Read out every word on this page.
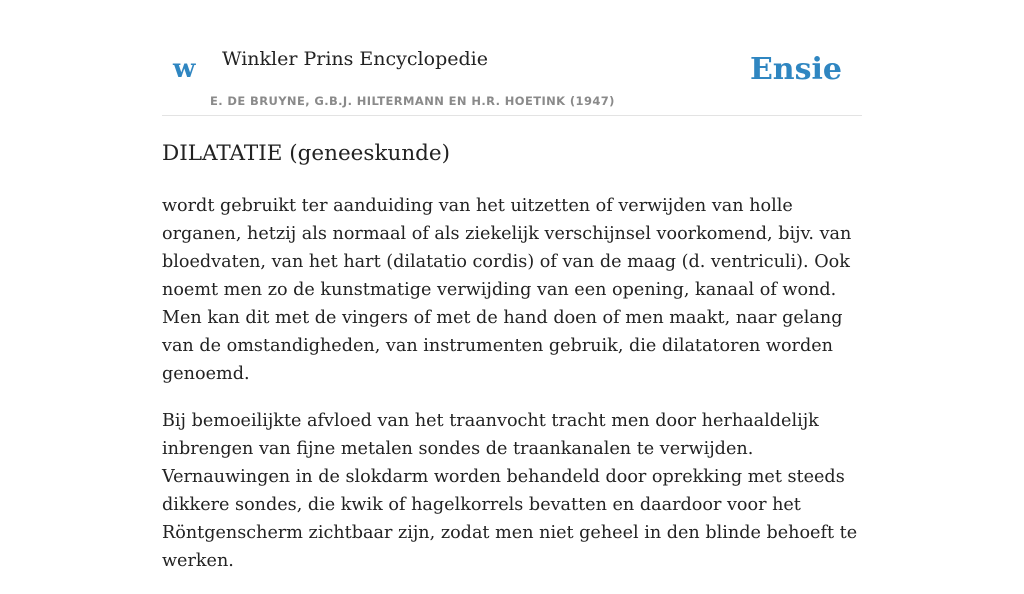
w Winkler Prins Encyclopedie	Ensie
E. DE BRUYNE, G.B.J. HILTERMANN EN H.R. HOETINK (1947)
DILATATIE (geneeskunde)

wordt gebruikt ter aanduiding van het uitzetten of verwijden van holle organen, hetzij als normaal of als ziekelijk verschijnsel voorkomend, bijv. van bloedvaten, van het hart (dilatatio cordis) of van de maag (d. ventriculi). Ook noemt men zo de kunstmatige verwijding van een opening, kanaal of wond. Men kan dit met de vingers of met de hand doen of men maakt, naar gelang van de omstandigheden, van instrumenten gebruik, die dilatatoren worden genoemd.

Bij bemoeilijkte afvloed van het traanvocht tracht men door herhaaldelijk inbrengen van fijne metalen sondes de traankanalen te verwijden. Vernauwingen in de slokdarm worden behandeld door oprekking met steeds dikkere sondes, die kwik of hagelkorrels bevatten en daardoor voor het Röntgenscherm zichtbaar zijn, zodat men niet geheel in den blinde behoeft te werken.
